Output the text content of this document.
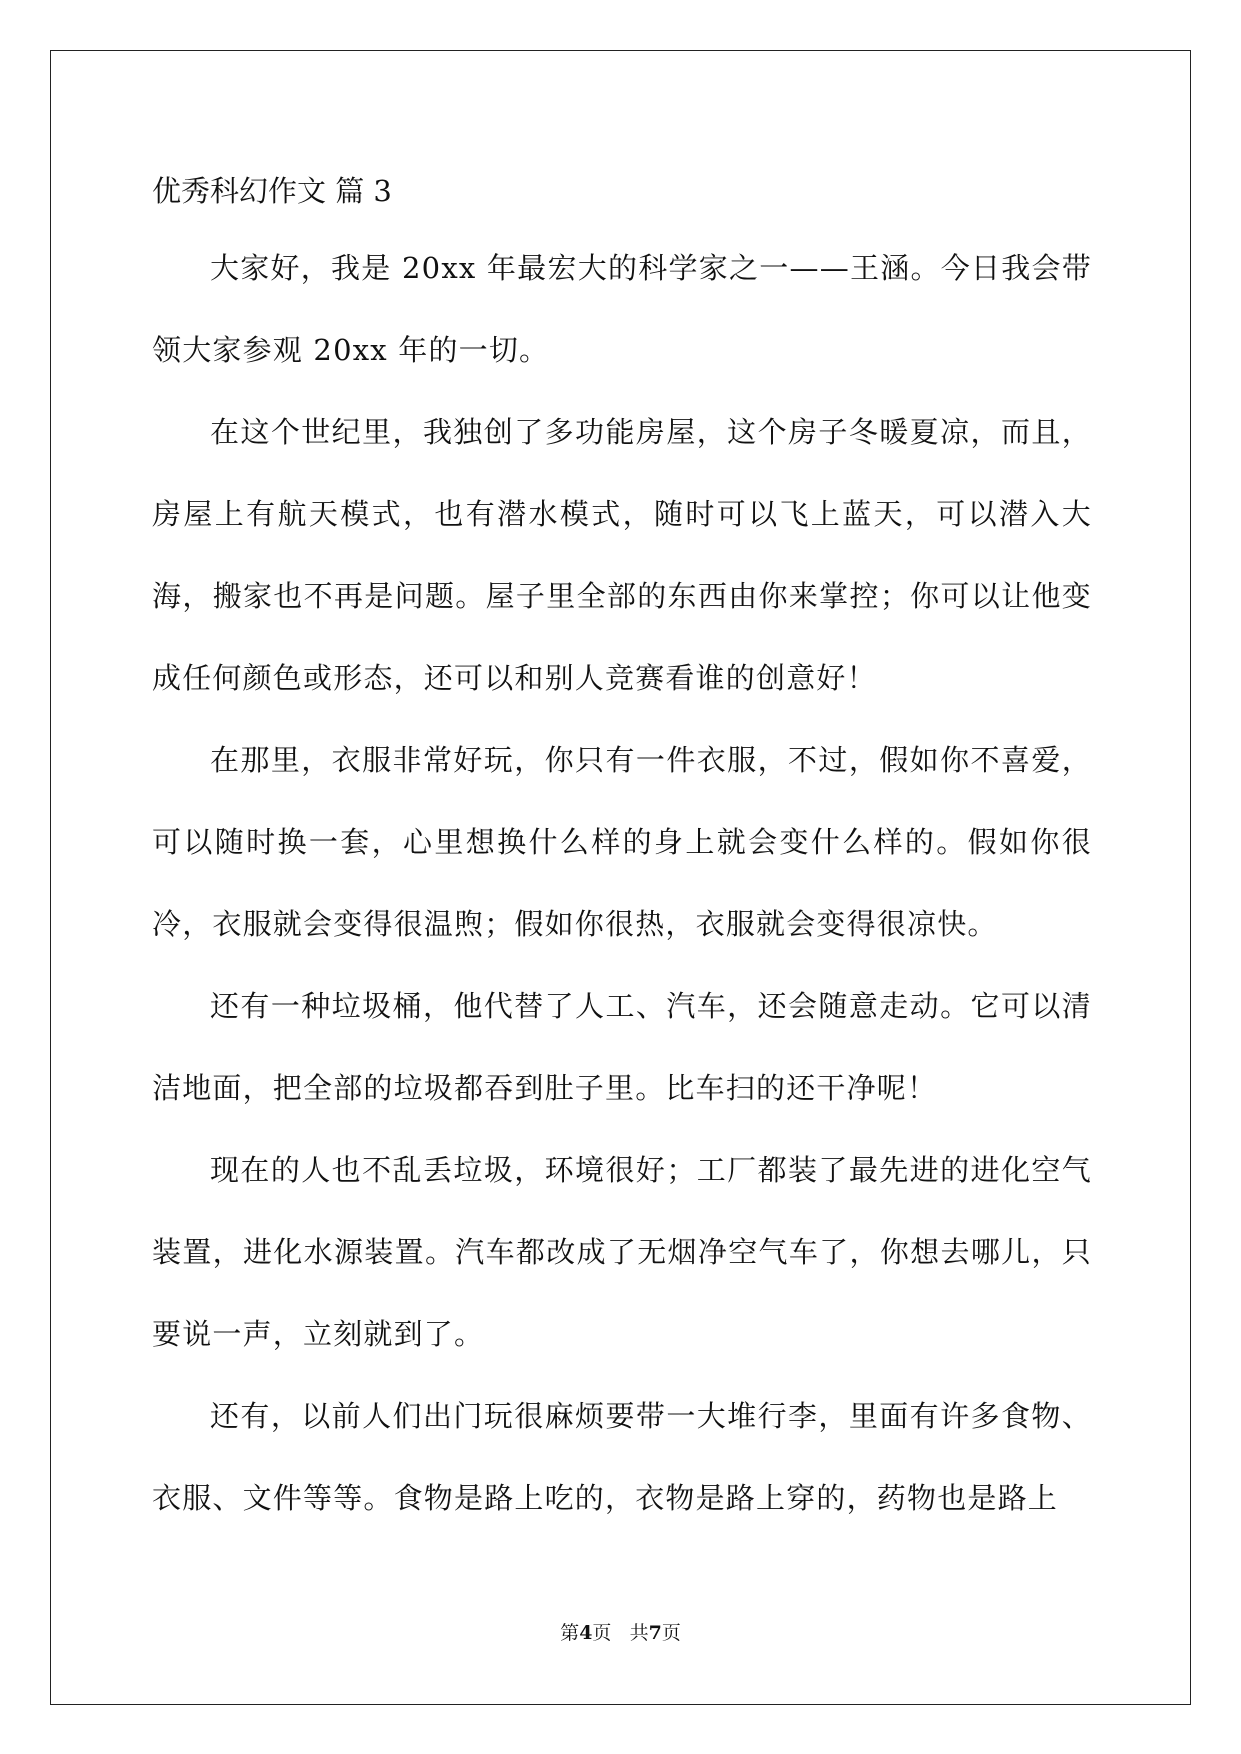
优秀科幻作文 篇 3

大家好，我是 20xx 年最宏大的科学家之一——王涵。今日我会带领大家参观 20xx 年的一切。

在这个世纪里，我独创了多功能房屋，这个房子冬暖夏凉，而且，房屋上有航天模式，也有潜水模式，随时可以飞上蓝天，可以潜入大海，搬家也不再是问题。屋子里全部的东西由你来掌控；你可以让他变成任何颜色或形态，还可以和别人竞赛看谁的创意好！

在那里，衣服非常好玩，你只有一件衣服，不过，假如你不喜爱，可以随时换一套，心里想换什么样的身上就会变什么样的。假如你很冷，衣服就会变得很温煦；假如你很热，衣服就会变得很凉快。

还有一种垃圾桶，他代替了人工、汽车，还会随意走动。它可以清洁地面，把全部的垃圾都吞到肚子里。比车扫的还干净呢！

现在的人也不乱丢垃圾，环境很好；工厂都装了最先进的进化空气装置，进化水源装置。汽车都改成了无烟净空气车了，你想去哪儿，只要说一声，立刻就到了。

还有，以前人们出门玩很麻烦要带一大堆行李，里面有许多食物、衣服、文件等等。食物是路上吃的，衣物是路上穿的，药物也是路上

第4页 共7页
